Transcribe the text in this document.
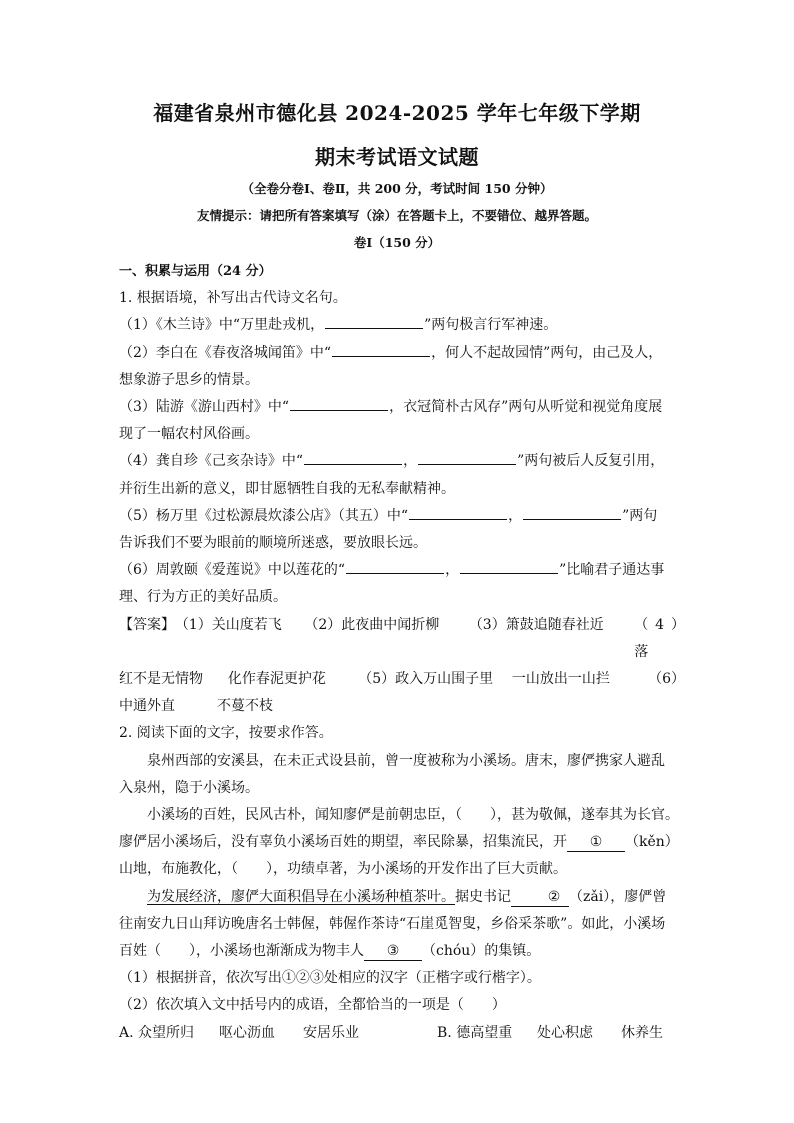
福建省泉州市德化县 2024-2025 学年七年级下学期
期末考试语文试题
（全卷分卷Ⅰ、卷Ⅱ，共 200 分，考试时间 150 分钟）
友情提示：请把所有答案填写（涂）在答题卡上，不要错位、越界答题。
卷Ⅰ（150 分）

一、积累与运用（24 分）

1. 根据语境，补写出古代诗文名句。

（1）《木兰诗》中“万里赴戎机，	”两句极言行军神速。

（2）李白在《春夜洛城闻笛》中“	，何人不起故园情”两句，由己及人，

想象游子思乡的情景。

（3）陆游《游山西村》中“	，衣冠简朴古风存”两句从听觉和视觉角度展

现了一幅农村风俗画。

（4）龚自珍《己亥杂诗》中“	，	”两句被后人反复引用，

并衍生出新的意义，即甘愿牺牲自我的无私奉献精神。

（5）杨万里《过松源晨炊漆公店》（其五）中“	，	”两句

告诉我们不要为眼前的顺境所迷惑，要放眼长远。

（6）周敦颐《爱莲说》中以莲花的“	，	”比喻君子通达事

理、行为方正的美好品质。

【答案】 （1）关山度若飞	（2）此夜曲中闻折柳	（3）箫鼓追随春社近	（4）落
红不是无情物	化作春泥更护花	（5）政入万山围子里	一山放出一山拦	（6）
中通外直	不蔓不枝

2. 阅读下面的文字，按要求作答。

泉州西部的安溪县，在未正式设县前，曾一度被称为小溪场。唐末，廖俨携家人避乱

入泉州，隐于小溪场。

小溪场的百姓，民风古朴，闻知廖俨是前朝忠臣，（　　），甚为敬佩，遂奉其为长官。

廖俨居小溪场后，没有辜负小溪场百姓的期望，率民除暴，招集流民，开 ① （kěn）

山地，布施教化，（　　），功绩卓著，为小溪场的开发作出了巨大贡献。

为发展经济，廖俨大面积倡导在小溪场种植茶叶。据史书记	② （zǎi），廖俨曾

往南安九日山拜访晚唐名士韩偓，韩偓作茶诗“石崖觅智叟，乡俗采茶歌”。如此，小溪场

百姓（　　），小溪场也渐渐成为物丰人 ③ （chóu）的集镇。

（1）根据拼音，依次写出①②③处相应的汉字（正楷字或行楷字）。

（2）依次填入文中括号内的成语，全都恰当的一项是（　　）

A. 众望所归	呕心沥血	安居乐业	B. 德高望重	处心积虑	休养生
